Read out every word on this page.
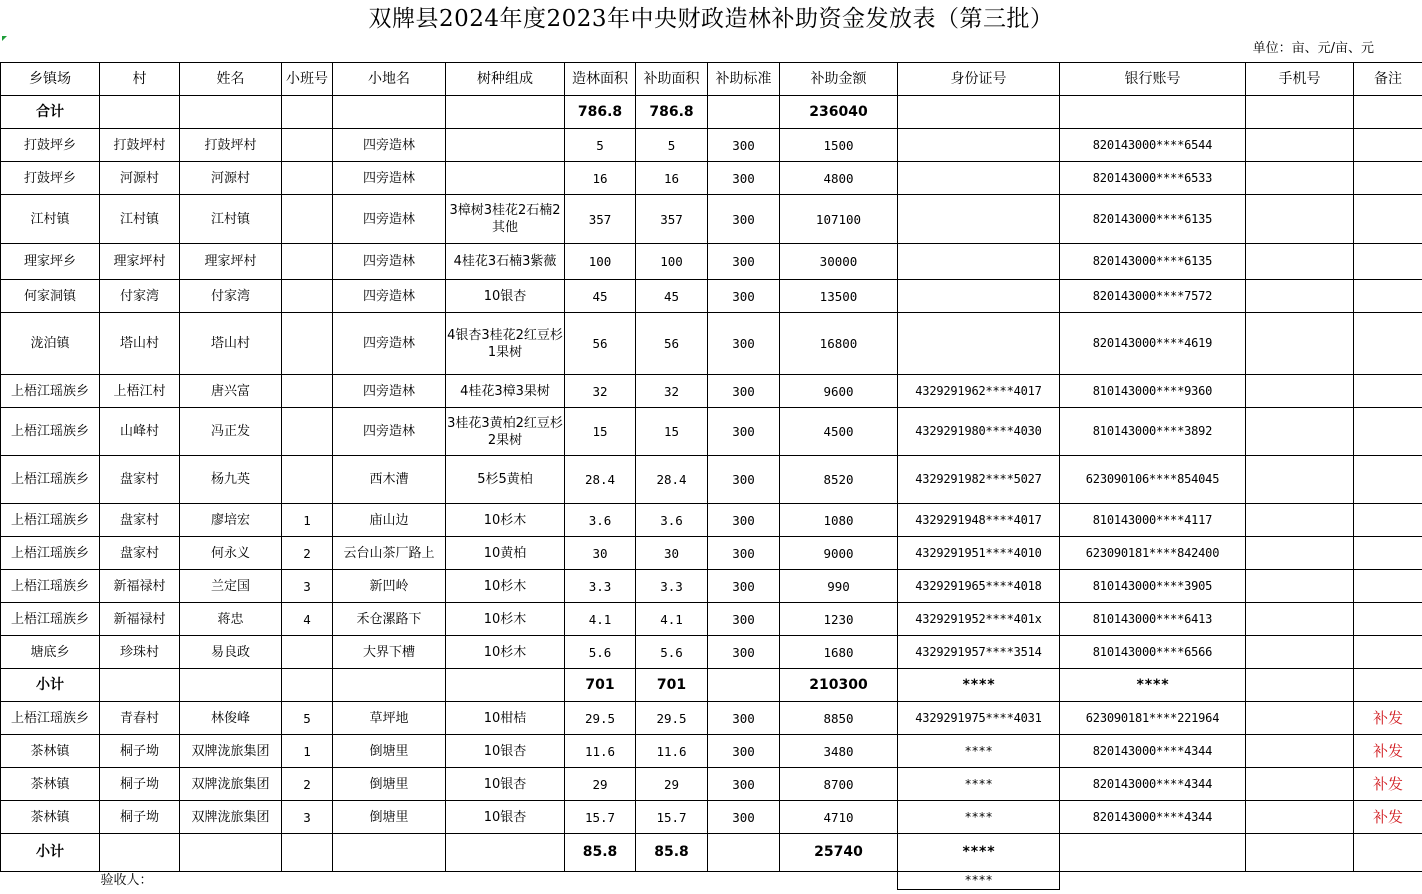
双牌县2024年度2023年中央财政造林补助资金发放表（第三批）
单位：亩、元/亩、元
乡镇场	村	姓名	小班号	小地名	树种组成	造林面积	补助面积	补助标准	补助金额	身份证号	银行账号	手机号	备注
合计						786.8	786.8		236040				
打鼓坪乡	打鼓坪村	打鼓坪村		四旁造林		5	5	300	1500		820143000****6544		
打鼓坪乡	河源村	河源村		四旁造林		16	16	300	4800		820143000****6533		
江村镇	江村镇	江村镇		四旁造林	3樟树3桂花2石楠2其他	357	357	300	107100		820143000****6135		
理家坪乡	理家坪村	理家坪村		四旁造林	4桂花3石楠3紫薇	100	100	300	30000		820143000****6135		
何家洞镇	付家湾	付家湾		四旁造林	10银杏	45	45	300	13500		820143000****7572		
泷泊镇	塔山村	塔山村		四旁造林	4银杏3桂花2红豆杉1果树	56	56	300	16800		820143000****4619		
上梧江瑶族乡	上梧江村	唐兴富		四旁造林	4桂花3樟3果树	32	32	300	9600	4329291962****4017	810143000****9360		
上梧江瑶族乡	山峰村	冯正发		四旁造林	3桂花3黄柏2红豆杉2果树	15	15	300	4500	4329291980****4030	810143000****3892		
上梧江瑶族乡	盘家村	杨九英		西木漕	5杉5黄柏	28.4	28.4	300	8520	4329291982****5027	623090106****854045		
上梧江瑶族乡	盘家村	廖培宏	1	庙山边	10杉木	3.6	3.6	300	1080	4329291948****4017	810143000****4117		
上梧江瑶族乡	盘家村	何永义	2	云台山茶厂路上	10黄柏	30	30	300	9000	4329291951****4010	623090181****842400		
上梧江瑶族乡	新福禄村	兰定国	3	新凹岭	10杉木	3.3	3.3	300	990	4329291965****4018	810143000****3905		
上梧江瑶族乡	新福禄村	蒋忠	4	禾仓漯路下	10杉木	4.1	4.1	300	1230	4329291952****401x	810143000****6413		
塘底乡	珍珠村	易良政		大界下槽	10杉木	5.6	5.6	300	1680	4329291957****3514	810143000****6566		
小计						701	701		210300	****	****		
上梧江瑶族乡	青春村	林俊峰	5	草坪地	10柑桔	29.5	29.5	300	8850	4329291975****4031	623090181****221964		补发
茶林镇	桐子坳	双牌泷旅集团	1	倒塘里	10银杏	11.6	11.6	300	3480	****	820143000****4344		补发
茶林镇	桐子坳	双牌泷旅集团	2	倒塘里	10银杏	29	29	300	8700	****	820143000****4344		补发
茶林镇	桐子坳	双牌泷旅集团	3	倒塘里	10银杏	15.7	15.7	300	4710	****	820143000****4344		补发
小计						85.8	85.8		25740	****			
	验收人：									****			
